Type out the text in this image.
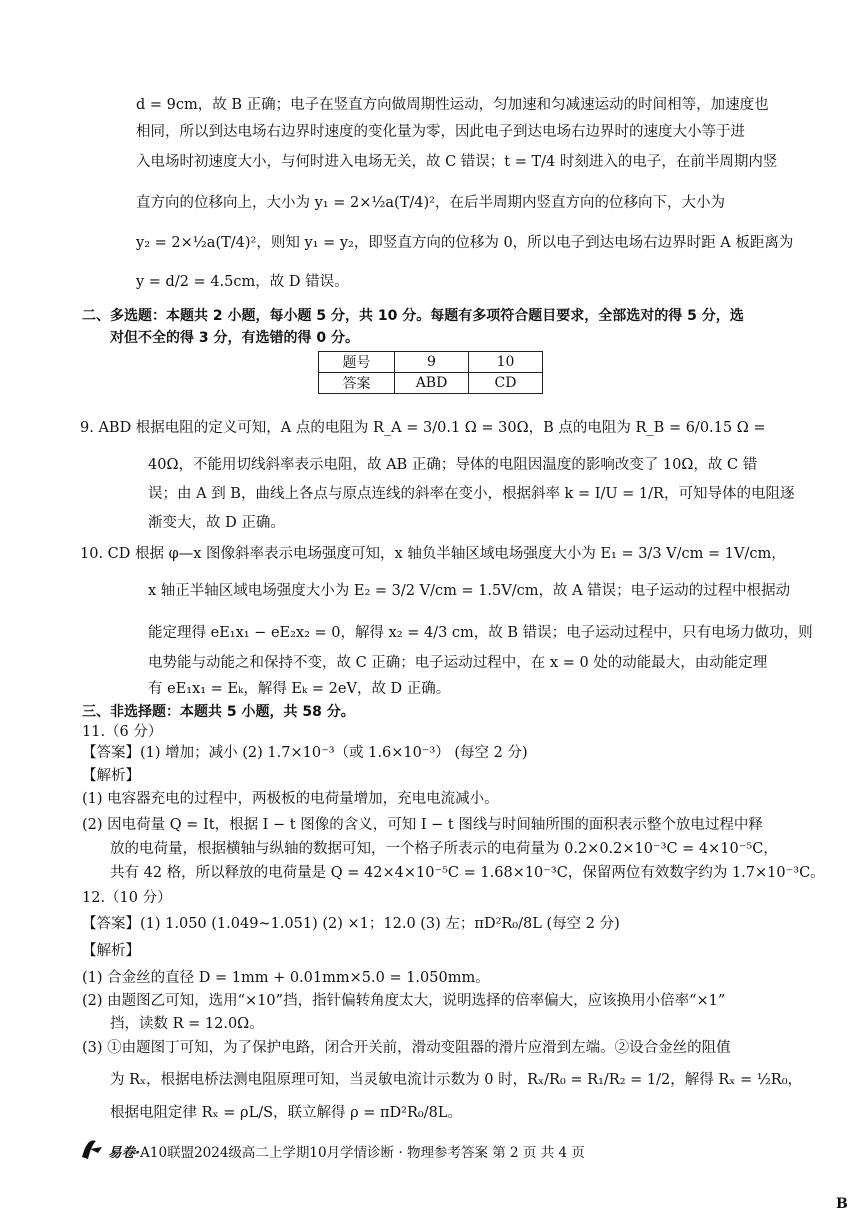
d = 9cm，故 B 正确；电子在竖直方向做周期性运动，匀加速和匀减速运动的时间相等，加速度也
相同，所以到达电场右边界时速度的变化量为零，因此电子到达电场右边界时的速度大小等于进
入电场时初速度大小，与何时进入电场无关，故 C 错误；t = T/4 时刻进入的电子，在前半周期内竖
直方向的位移向上，大小为 y₁ = 2×½a(T/4)²，在后半周期内竖直方向的位移向下，大小为
y₂ = 2×½a(T/4)²，则知 y₁ = y₂，即竖直方向的位移为 0，所以电子到达电场右边界时距 A 板距离为
y = d/2 = 4.5cm，故 D 错误。
二、多选题：本题共 2 小题，每小题 5 分，共 10 分。每题有多项符合题目要求，全部选对的得 5 分，选
对但不全的得 3 分，有选错的得 0 分。
题号	9	10
答案	ABD	CD
9. ABD 根据电阻的定义可知，A 点的电阻为 R_A = 3/0.1 Ω = 30Ω，B 点的电阻为 R_B = 6/0.15 Ω =
40Ω，不能用切线斜率表示电阻，故 AB 正确；导体的电阻因温度的影响改变了 10Ω，故 C 错
误；由 A 到 B，曲线上各点与原点连线的斜率在变小，根据斜率 k = I/U = 1/R，可知导体的电阻逐
渐变大，故 D 正确。
10. CD 根据 φ—x 图像斜率表示电场强度可知，x 轴负半轴区域电场强度大小为 E₁ = 3/3 V/cm = 1V/cm，
x 轴正半轴区域电场强度大小为 E₂ = 3/2 V/cm = 1.5V/cm，故 A 错误；电子运动的过程中根据动
能定理得 eE₁x₁ − eE₂x₂ = 0，解得 x₂ = 4/3 cm，故 B 错误；电子运动过程中，只有电场力做功，则
电势能与动能之和保持不变，故 C 正确；电子运动过程中，在 x = 0 处的动能最大，由动能定理
有 eE₁x₁ = Eₖ，解得 Eₖ = 2eV，故 D 正确。
三、非选择题：本题共 5 小题，共 58 分。
11.（6 分）
【答案】(1) 增加；减小 (2) 1.7×10⁻³（或 1.6×10⁻³） (每空 2 分)
【解析】
(1) 电容器充电的过程中，两极板的电荷量增加，充电电流减小。
(2) 因电荷量 Q = It，根据 I − t 图像的含义，可知 I − t 图线与时间轴所围的面积表示整个放电过程中释
放的电荷量，根据横轴与纵轴的数据可知，一个格子所表示的电荷量为 0.2×0.2×10⁻³C = 4×10⁻⁵C，
共有 42 格，所以释放的电荷量是 Q = 42×4×10⁻⁵C = 1.68×10⁻³C，保留两位有效数字约为 1.7×10⁻³C。
12.（10 分）
【答案】(1) 1.050 (1.049~1.051) (2) ×1；12.0 (3) 左；πD²R₀/8L (每空 2 分)
【解析】
(1) 合金丝的直径 D = 1mm + 0.01mm×5.0 = 1.050mm。
(2) 由题图乙可知，选用“×10”挡，指针偏转角度太大，说明选择的倍率偏大，应该换用小倍率“×1”
挡，读数 R = 12.0Ω。
(3) ①由题图丁可知，为了保护电路，闭合开关前，滑动变阻器的滑片应滑到左端。②设合金丝的阻值
为 Rₓ，根据电桥法测电阻原理可知，当灵敏电流计示数为 0 时，Rₓ/R₀ = R₁/R₂ = 1/2，解得 Rₓ = ½R₀，
根据电阻定律 Rₓ = ρL/S，联立解得 ρ = πD²R₀/8L。
易卷·A10联盟2024级高二上学期10月学情诊断 · 物理参考答案 第 2 页 共 4 页
B
